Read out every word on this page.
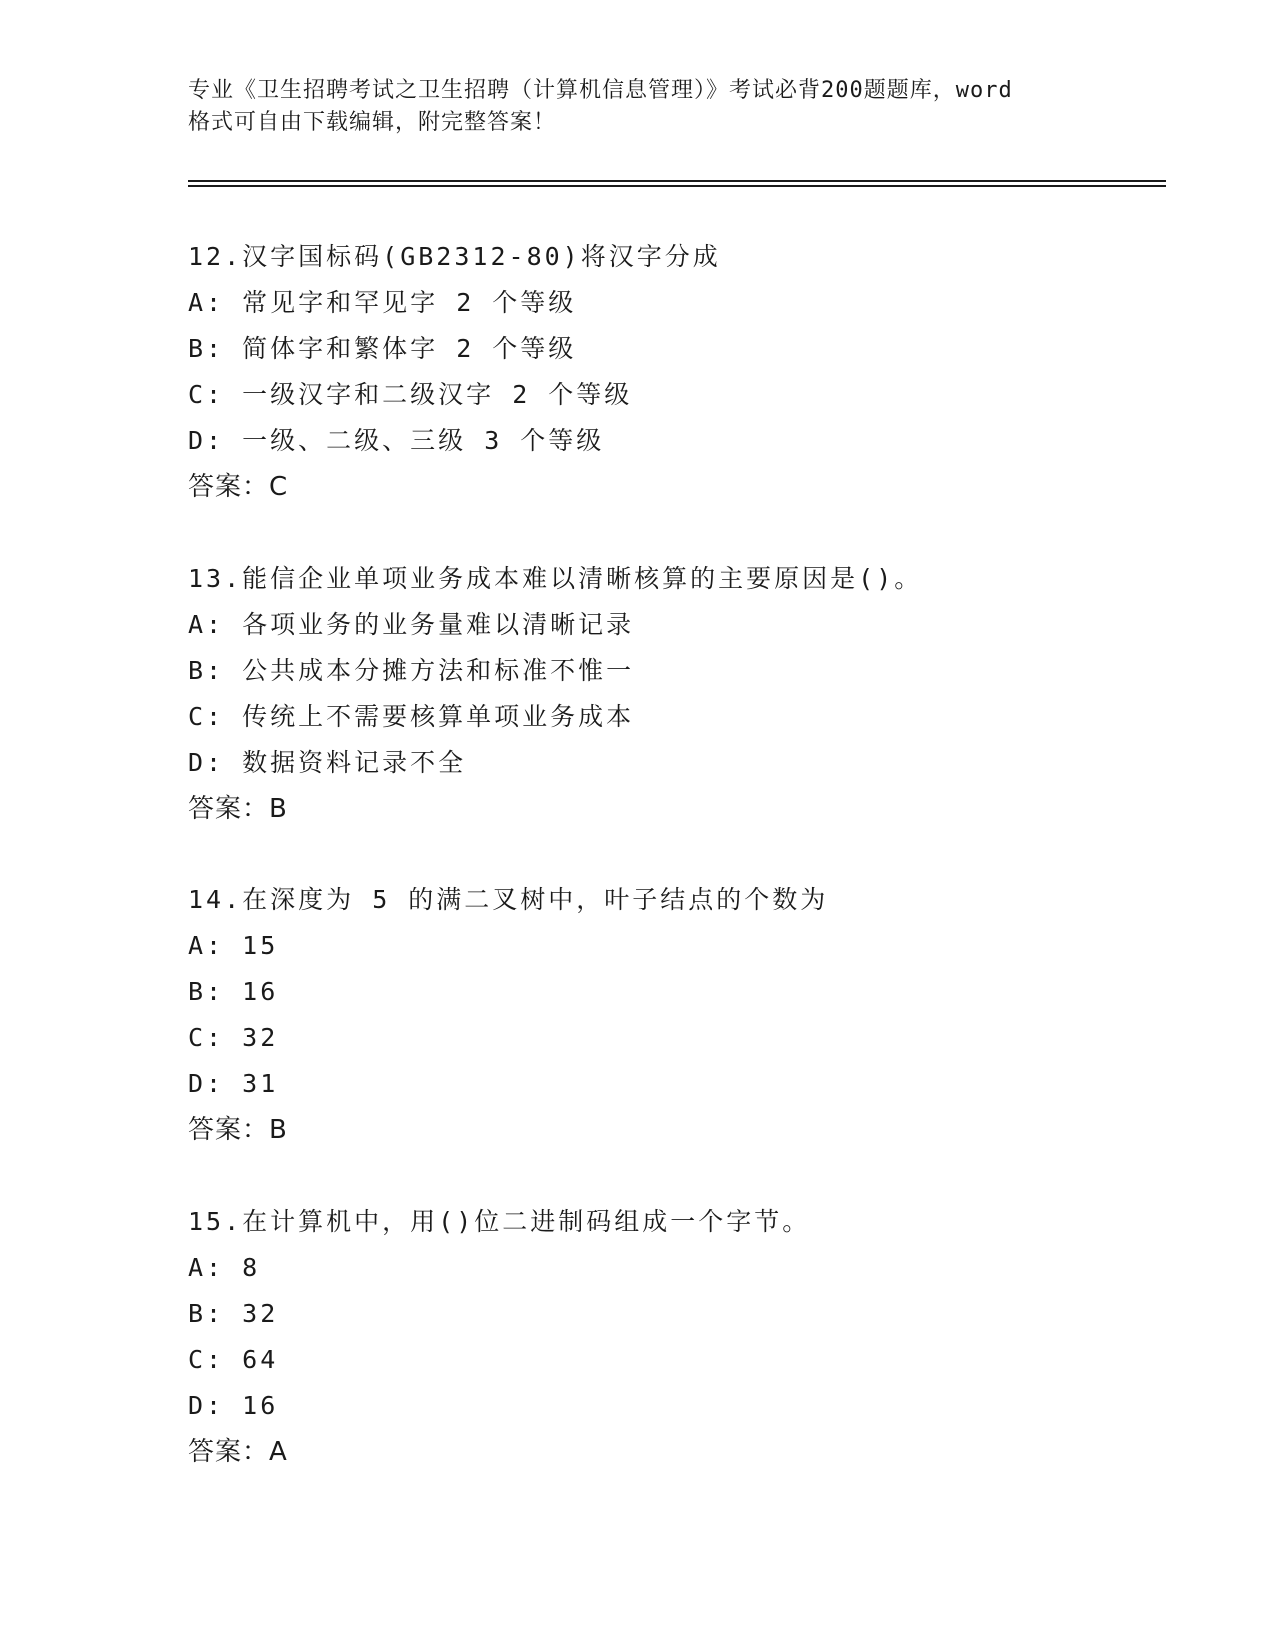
专业《卫生招聘考试之卫生招聘（计算机信息管理）》考试必背200题题库，word
格式可自由下载编辑，附完整答案！
12.汉字国标码(GB2312-80)将汉字分成
A: 常见字和罕见字 2 个等级
B: 简体字和繁体字 2 个等级
C: 一级汉字和二级汉字 2 个等级
D: 一级、二级、三级 3 个等级
答案：C
13.能信企业单项业务成本难以清晰核算的主要原因是()。
A: 各项业务的业务量难以清晰记录
B: 公共成本分摊方法和标准不惟一
C: 传统上不需要核算单项业务成本
D: 数据资料记录不全
答案：B
14.在深度为 5 的满二叉树中，叶子结点的个数为
A: 15
B: 16
C: 32
D: 31
答案：B
15.在计算机中，用()位二进制码组成一个字节。
A: 8
B: 32
C: 64
D: 16
答案：A
